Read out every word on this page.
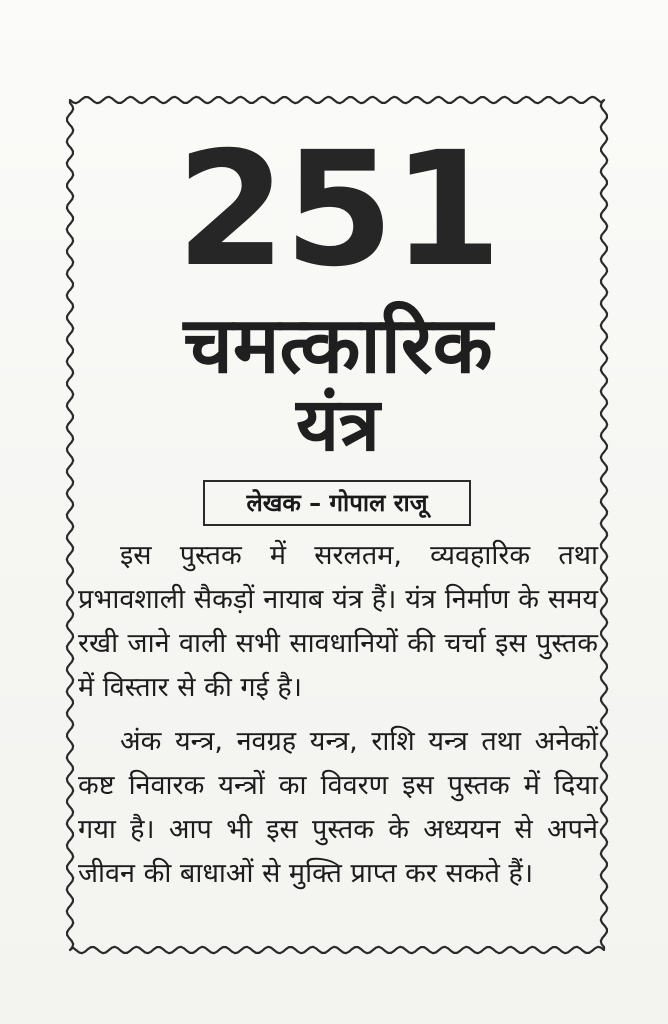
251
चमत्कारिक
यंत्र
लेखक – गोपाल राजू
इस पुस्तक में सरलतम, व्यवहारिक तथा प्रभावशाली सैकड़ों नायाब यंत्र हैं। यंत्र निर्माण के समय रखी जाने वाली सभी सावधानियों की चर्चा इस पुस्तक में विस्तार से की गई है।
अंक यन्त्र, नवग्रह यन्त्र, राशि यन्त्र तथा अनेकों कष्ट निवारक यन्त्रों का विवरण इस पुस्तक में दिया गया है। आप भी इस पुस्तक के अध्ययन से अपने जीवन की बाधाओं से मुक्ति प्राप्त कर सकते हैं।
